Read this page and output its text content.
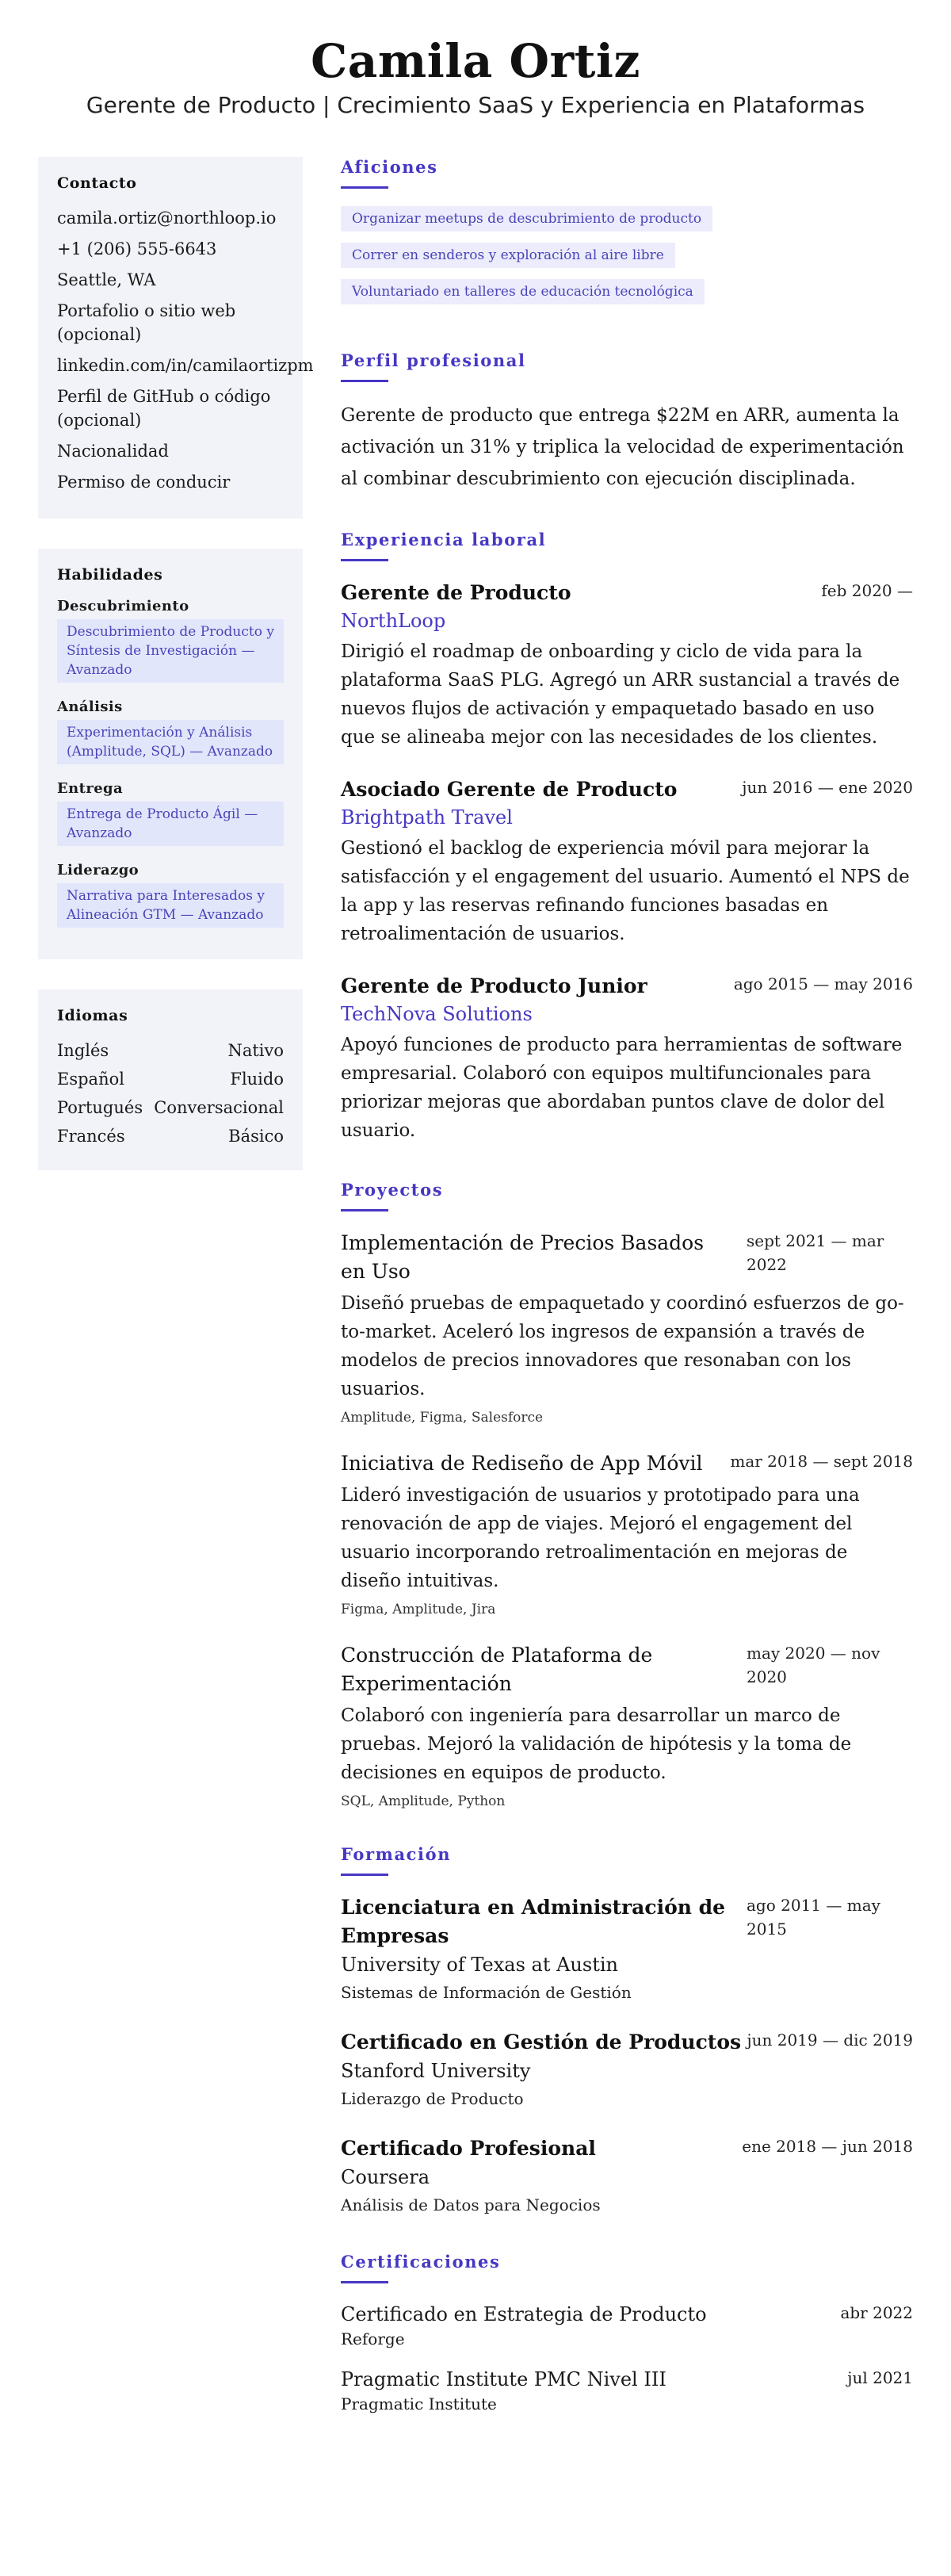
Camila Ortiz
Gerente de Producto | Crecimiento SaaS y Experiencia en Plataformas
Contacto
camila.ortiz@northloop.io
+1 (206) 555-6643
Seattle, WA
Portafolio o sitio web (opcional)
linkedin.com/in/camilaortizpm
Perfil de GitHub o código (opcional)
Nacionalidad
Permiso de conducir
Habilidades
Descubrimiento
Descubrimiento de Producto y Síntesis de Investigación — Avanzado
Análisis
Experimentación y Análisis (Amplitude, SQL) — Avanzado
Entrega
Entrega de Producto Ágil — Avanzado
Liderazgo
Narrativa para Interesados y Alineación GTM — Avanzado
Idiomas
Inglés	Nativo
Español	Fluido
Portugués Conversacional
Francés	Básico
Aficiones
Organizar meetups de descubrimiento de producto
Correr en senderos y exploración al aire libre
Voluntariado en talleres de educación tecnológica
Perfil profesional

Gerente de producto que entrega $22M en ARR, aumenta la activación un 31% y triplica la velocidad de experimentación al combinar descubrimiento con ejecución disciplinada.

Experiencia laboral
Gerente de Producto	feb 2020 —
NorthLoop
Dirigió el roadmap de onboarding y ciclo de vida para la plataforma SaaS PLG. Agregó un ARR sustancial a través de nuevos flujos de activación y empaquetado basado en uso que se alineaba mejor con las necesidades de los clientes.
Asociado Gerente de Producto	jun 2016 — ene 2020
Brightpath Travel
Gestionó el backlog de experiencia móvil para mejorar la satisfacción y el engagement del usuario. Aumentó el NPS de la app y las reservas refinando funciones basadas en retroalimentación de usuarios.
Gerente de Producto Junior	ago 2015 — may 2016
TechNova Solutions
Apoyó funciones de producto para herramientas de software empresarial. Colaboró con equipos multifuncionales para priorizar mejoras que abordaban puntos clave de dolor del usuario.
Proyectos
Implementación de Precios Basados en Uso
sept 2021 — mar 2022
Diseñó pruebas de empaquetado y coordinó esfuerzos de go-to-market. Aceleró los ingresos de expansión a través de modelos de precios innovadores que resonaban con los usuarios.
Amplitude, Figma, Salesforce
Iniciativa de Rediseño de App Móvil mar 2018 — sept 2018
Lideró investigación de usuarios y prototipado para una renovación de app de viajes. Mejoró el engagement del usuario incorporando retroalimentación en mejoras de diseño intuitivas.
Figma, Amplitude, Jira
Construcción de Plataforma de Experimentación
may 2020 — nov 2020
Colaboró con ingeniería para desarrollar un marco de pruebas. Mejoró la validación de hipótesis y la toma de decisiones en equipos de producto.
SQL, Amplitude, Python
Formación
Licenciatura en Administración de Empresas
ago 2011 — may 2015
University of Texas at Austin
Sistemas de Información de Gestión
Certificado en Gestión de Productos jun 2019 — dic 2019
Stanford University
Liderazgo de Producto
Certificado Profesional	ene 2018 — jun 2018
Coursera
Análisis de Datos para Negocios
Certificaciones
Certificado en Estrategia de Producto	abr 2022
Reforge
Pragmatic Institute PMC Nivel III	jul 2021
Pragmatic Institute
